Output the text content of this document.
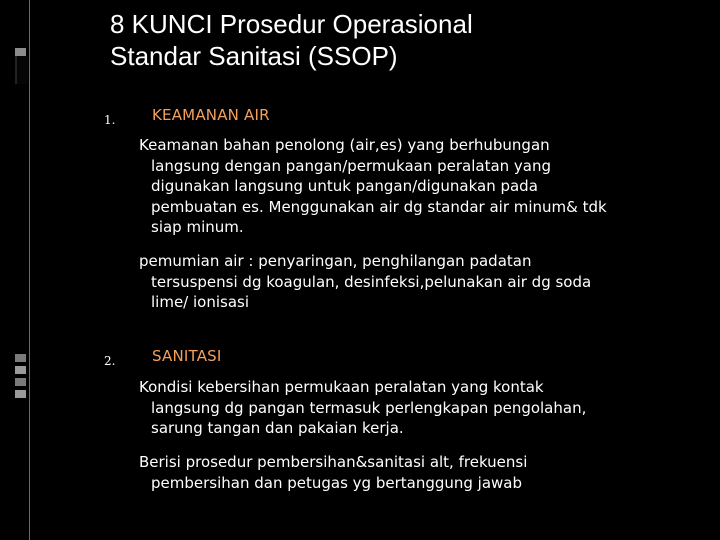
8 KUNCI Prosedur Operasional
Standar Sanitasi (SSOP)
1. KEAMANAN AIR
Keamanan bahan penolong (air,es) yang berhubungan
langsung dengan pangan/permukaan peralatan yang
digunakan langsung untuk pangan/digunakan pada
pembuatan es. Menggunakan air dg standar air minum& tdk
siap minum.
pemumian air : penyaringan, penghilangan padatan
tersuspensi dg koagulan, desinfeksi,pelunakan air dg soda
lime/ ionisasi
2. SANITASI
Kondisi kebersihan permukaan peralatan yang kontak
langsung dg pangan termasuk perlengkapan pengolahan,
sarung tangan dan pakaian kerja.
Berisi prosedur pembersihan&sanitasi alt, frekuensi
pembersihan dan petugas yg bertanggung jawab
